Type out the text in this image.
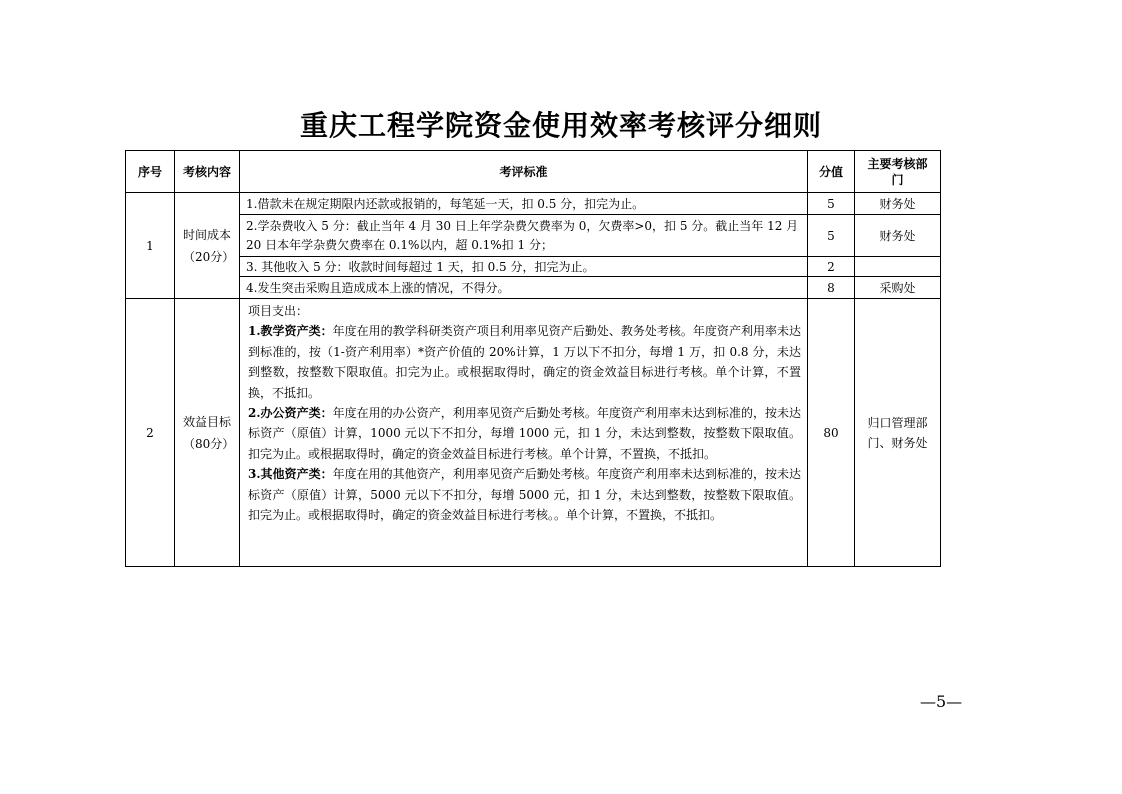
重庆工程学院资金使用效率考核评分细则
序号	考核内容	考评标准	分值	主要考核部门
1	时间成本（20分）	1.借款未在规定期限内还款或报销的，每笔延一天，扣 0.5 分，扣完为止。	5	财务处
		2.学杂费收入 5 分：截止当年 4 月 30 日上年学杂费欠费率为 0，欠费率>0，扣 5 分。截止当年 12 月 20 日本年学杂费欠费率在 0.1%以内，超 0.1%扣 1 分；	5	财务处
		3. 其他收入 5 分：收款时间每超过 1 天，扣 0.5 分，扣完为止。	2	
		4.发生突击采购且造成成本上涨的情况，不得分。	8	采购处
2	效益目标（80分）	项目支出：
1.教学资产类：年度在用的教学科研类资产项目利用率见资产后勤处、教务处考核。年度资产利用率未达到标准的，按（1-资产利用率）*资产价值的 20%计算，1 万以下不扣分，每增 1 万，扣 0.8 分，未达到整数，按整数下限取值。扣完为止。或根据取得时，确定的资金效益目标进行考核。单个计算，不置换，不抵扣。
2.办公资产类：年度在用的办公资产，利用率见资产后勤处考核。年度资产利用率未达到标准的，按未达标资产（原值）计算，1000 元以下不扣分，每增 1000 元，扣 1 分，未达到整数，按整数下限取值。扣完为止。或根据取得时，确定的资金效益目标进行考核。单个计算，不置换，不抵扣。
3.其他资产类：年度在用的其他资产，利用率见资产后勤处考核。年度资产利用率未达到标准的，按未达标资产（原值）计算，5000 元以下不扣分，每增 5000 元，扣 1 分，未达到整数，按整数下限取值。扣完为止。或根据取得时，确定的资金效益目标进行考核。。单个计算，不置换，不抵扣。	80	归口管理部门、财务处
—5—
